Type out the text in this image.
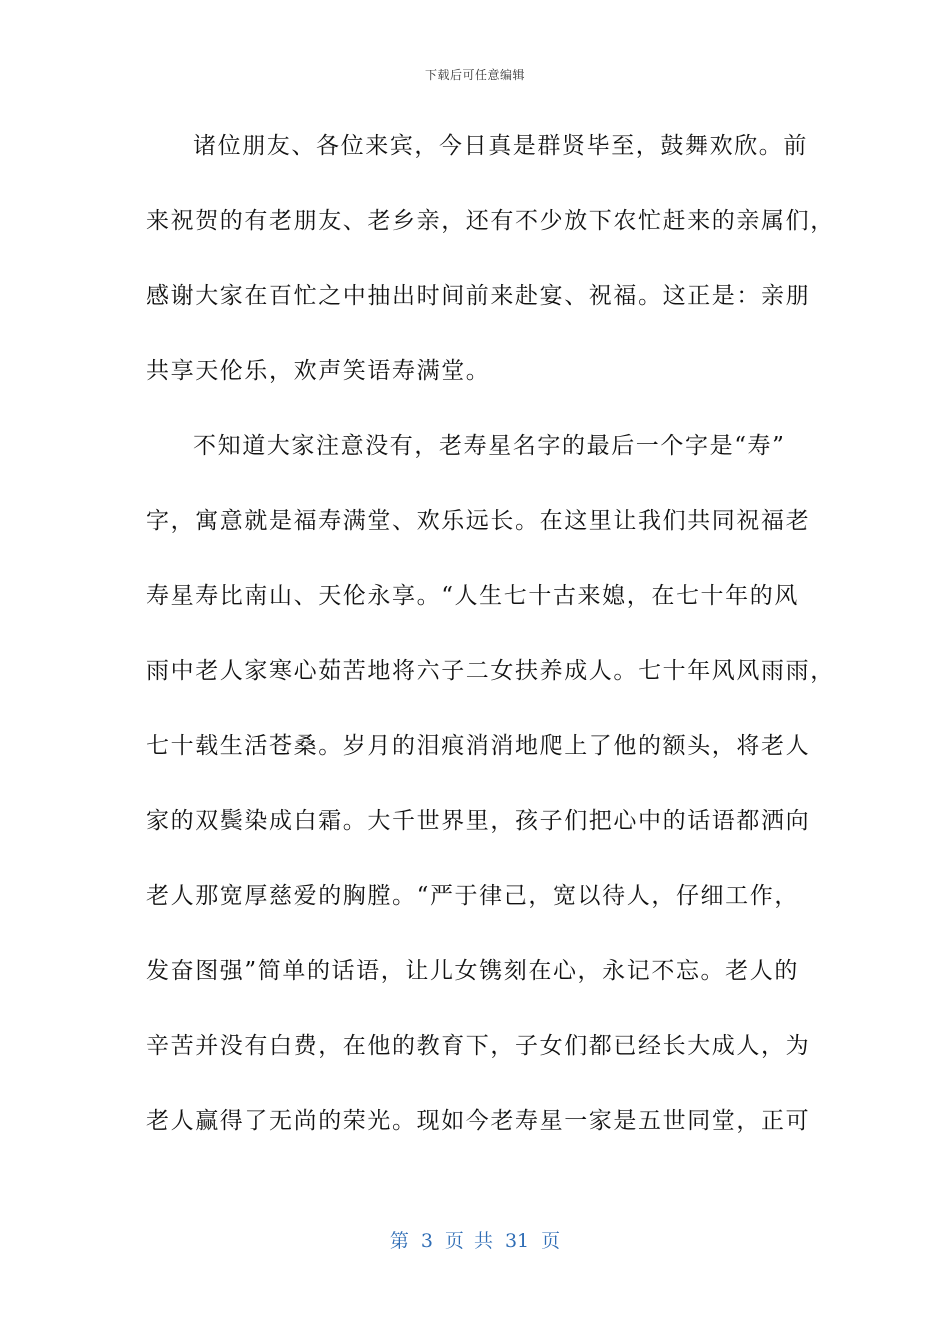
下载后可任意编辑
诸位朋友、各位来宾，今日真是群贤毕至，鼓舞欢欣。前
来祝贺的有老朋友、老乡亲，还有不少放下农忙赶来的亲属们，
感谢大家在百忙之中抽出时间前来赴宴、祝福。这正是：亲朋
共享天伦乐，欢声笑语寿满堂。
不知道大家注意没有，老寿星名字的最后一个字是“寿”
字，寓意就是福寿满堂、欢乐远长。在这里让我们共同祝福老
寿星寿比南山、天伦永享。“人生七十古来媳，在七十年的风
雨中老人家寒心茹苦地将六子二女扶养成人。七十年风风雨雨，
七十载生活苍桑。岁月的泪痕消消地爬上了他的额头，将老人
家的双鬓染成白霜。大千世界里，孩子们把心中的话语都洒向
老人那宽厚慈爱的胸膛。“严于律己，宽以待人，仔细工作，
发奋图强”简单的话语，让儿女镌刻在心，永记不忘。老人的
辛苦并没有白费，在他的教育下，子女们都已经长大成人，为
老人赢得了无尚的荣光。现如今老寿星一家是五世同堂，正可
第 3 页 共 31 页
